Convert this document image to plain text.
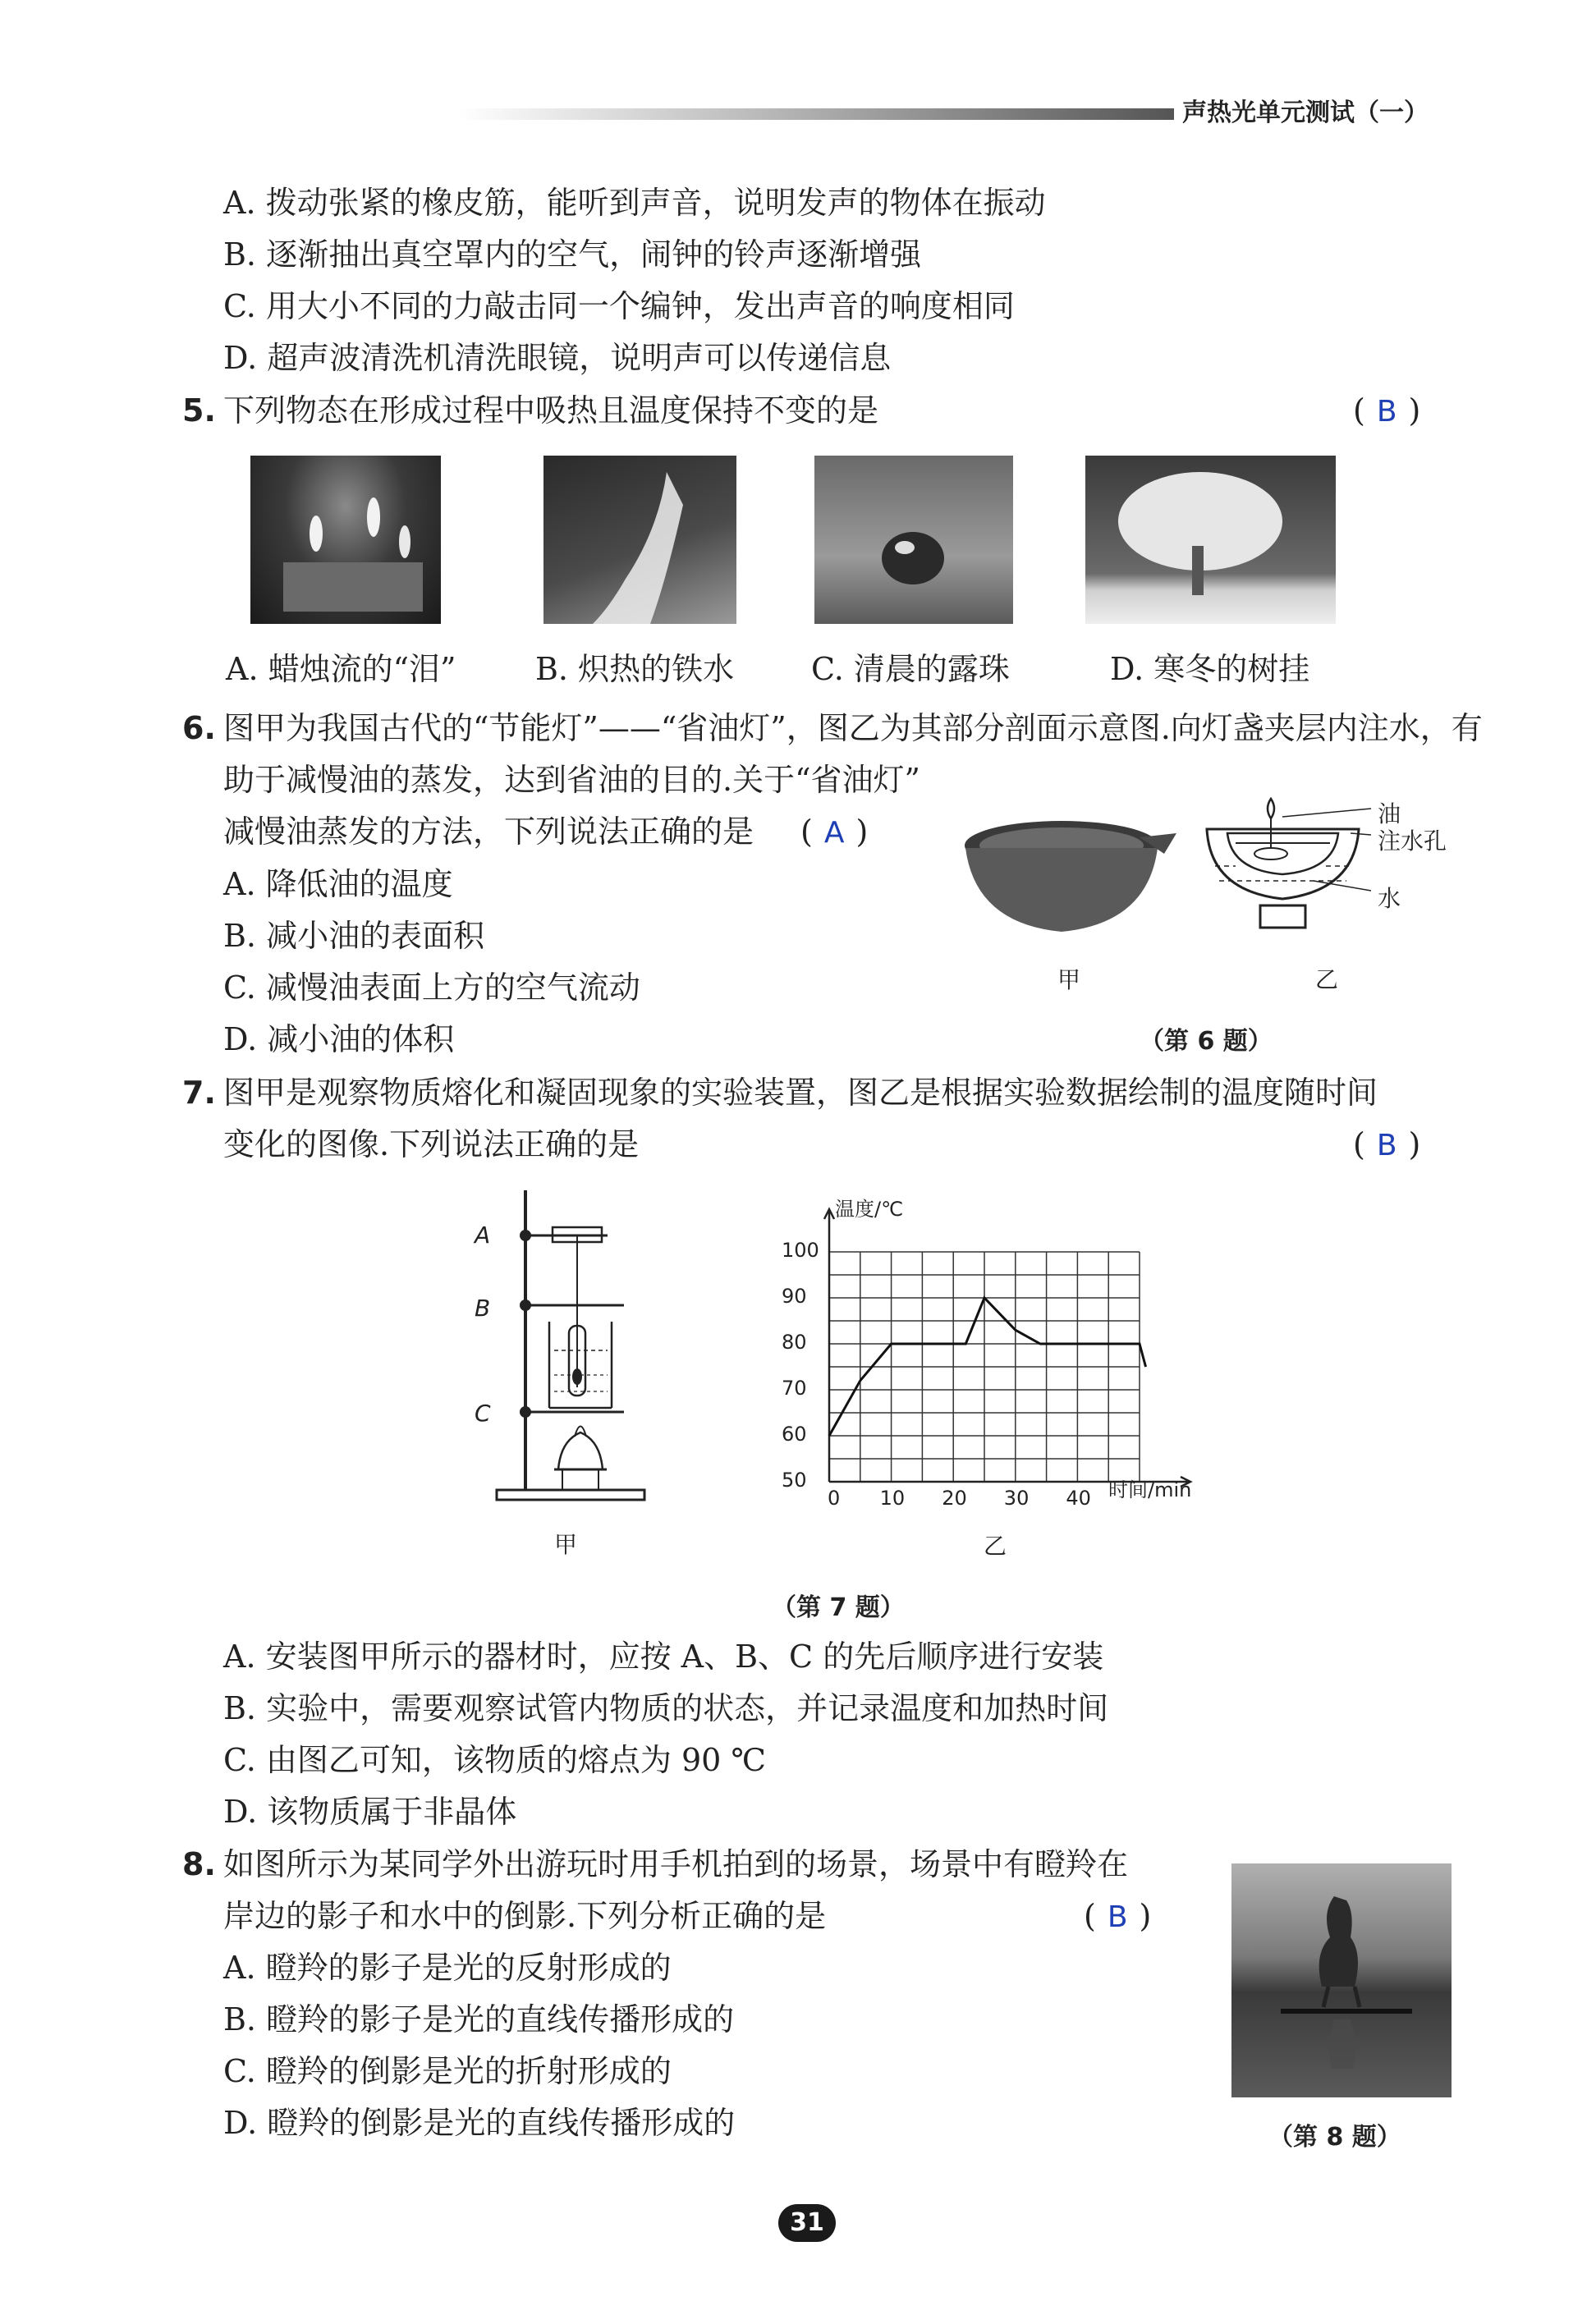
声热光单元测试（一）
A. 拨动张紧的橡皮筋，能听到声音，说明发声的物体在振动
B. 逐渐抽出真空罩内的空气，闹钟的铃声逐渐增强
C. 用大小不同的力敲击同一个编钟，发出声音的响度相同
D. 超声波清洗机清洗眼镜，说明声可以传递信息
5. 下列物态在形成过程中吸热且温度保持不变的是	( B )
A. 蜡烛流的“泪”	B. 炽热的铁水 C. 清晨的露珠	D. 寒冬的树挂
6. 图甲为我国古代的“节能灯”——“省油灯”，图乙为其部分剖面示意图.向灯盏夹层内注水，有
助于减慢油的蒸发，达到省油的目的.关于“省油灯”
减慢油蒸发的方法，下列说法正确的是 ( A )
A. 降低油的温度
B. 减小油的表面积
C. 减慢油表面上方的空气流动
D. 减小油的体积
甲
油
注水孔
水
乙
（第 6 题）
7. 图甲是观察物质熔化和凝固现象的实验装置，图乙是根据实验数据绘制的温度随时间
变化的图像.下列说法正确的是	( B )
A
B
C
甲
温度/℃
时间/min
50
60
70
80
90
100
0 10 20 30 40
乙
（第 7 题）
A. 安装图甲所示的器材时，应按 A、B、C 的先后顺序进行安装
B. 实验中，需要观察试管内物质的状态，并记录温度和加热时间
C. 由图乙可知，该物质的熔点为 90 ℃
D. 该物质属于非晶体
8. 如图所示为某同学外出游玩时用手机拍到的场景，场景中有瞪羚在
岸边的影子和水中的倒影.下列分析正确的是	( B )
A. 瞪羚的影子是光的反射形成的
B. 瞪羚的影子是光的直线传播形成的
C. 瞪羚的倒影是光的折射形成的
D. 瞪羚的倒影是光的直线传播形成的	（第 8 题）
31
